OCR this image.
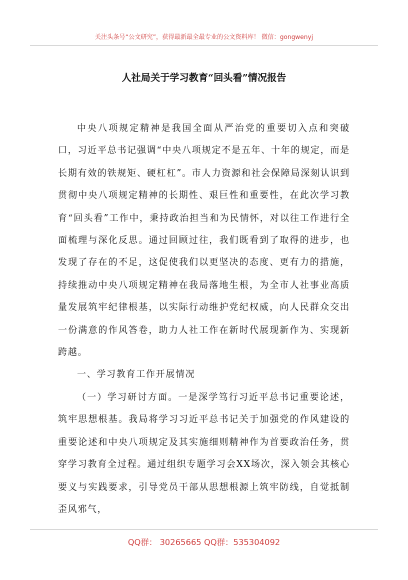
关注头条号“公文研究”，获得最新最全最专业的公文资料库！ 微信：gongwenyj
人社局关于学习教育“回头看”情况报告

中央八项规定精神是我国全面从严治党的重要切入点和突破口，习近平总书记强调“中央八项规定不是五年、十年的规定，而是长期有效的铁规矩、硬杠杠”。市人力资源和社会保障局深刻认识到贯彻中央八项规定精神的长期性、艰巨性和重要性，在此次学习教育“回头看”工作中，秉持政治担当和为民情怀，对以往工作进行全面梳理与深化反思。通过回顾过往，我们既看到了取得的进步，也发现了存在的不足，这促使我们以更坚决的态度、更有力的措施，持续推动中央八项规定精神在我局落地生根，为全市人社事业高质量发展筑牢纪律根基，以实际行动维护党纪权威，向人民群众交出一份满意的作风答卷，助力人社工作在新时代展现新作为、实现新跨越。

一、学习教育工作开展情况

（一）学习研讨方面。一是深学笃行习近平总书记重要论述，筑牢思想根基。我局将学习习近平总书记关于加强党的作风建设的重要论述和中央八项规定及其实施细则精神作为首要政治任务，贯穿学习教育全过程。通过组织专题学习会XX场次，深入领会其核心要义与实践要求，引导党员干部从思想根源上筑牢防线，自觉抵制歪风邪气，

QQ群： 30265665 QQ群：535304092
